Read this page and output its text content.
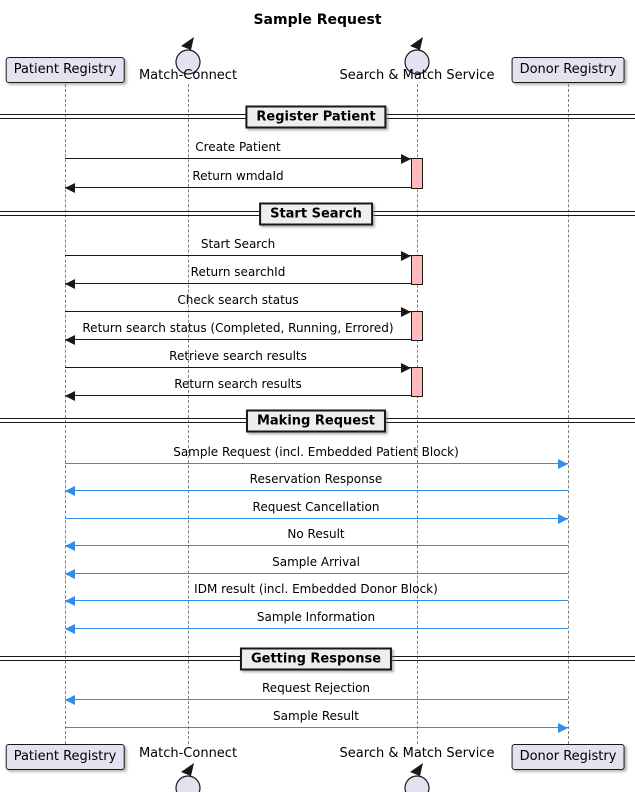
Sample Request
Patient Registry
Patient Registry
Match-Connect
Match-Connect
Search & Match Service
Search & Match Service
Donor Registry
Donor Registry
Register Patient
Start Search
Making Request
Getting Response
Create Patient
Return wmdaId
Start Search
Return searchId
Check search status
Return search status (Completed, Running, Errored)
Retrieve search results
Return search results
Sample Request (incl. Embedded Patient Block)
Reservation Response
Request Cancellation
No Result
Sample Arrival
IDM result (incl. Embedded Donor Block)
Sample Information
Request Rejection
Sample Result
